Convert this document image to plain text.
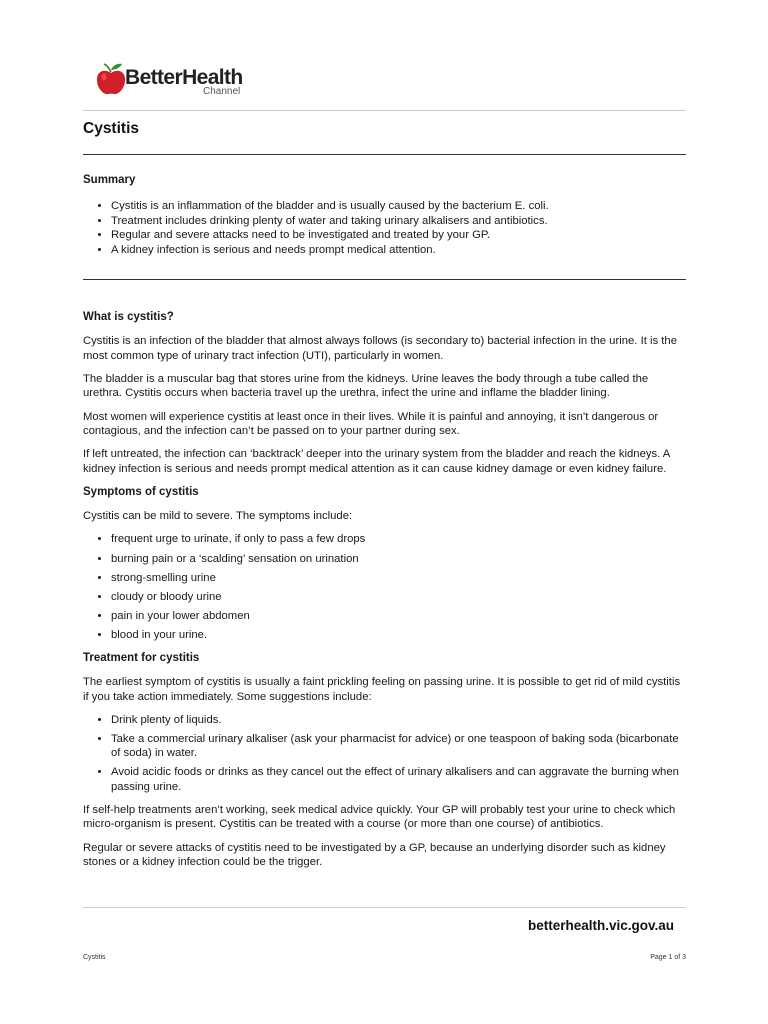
BetterHealth
Channel
Cystitis
Summary
• Cystitis is an inflammation of the bladder and is usually caused by the bacterium E. coli.
• Treatment includes drinking plenty of water and taking urinary alkalisers and antibiotics.
• Regular and severe attacks need to be investigated and treated by your GP.
• A kidney infection is serious and needs prompt medical attention.
What is cystitis?

Cystitis is an infection of the bladder that almost always follows (is secondary to) bacterial infection in the urine. It is the most common type of urinary tract infection (UTI), particularly in women.

The bladder is a muscular bag that stores urine from the kidneys. Urine leaves the body through a tube called the urethra. Cystitis occurs when bacteria travel up the urethra, infect the urine and inflame the bladder lining.

Most women will experience cystitis at least once in their lives. While it is painful and annoying, it isn’t dangerous or contagious, and the infection can’t be passed on to your partner during sex.

If left untreated, the infection can ‘backtrack’ deeper into the urinary system from the bladder and reach the kidneys. A kidney infection is serious and needs prompt medical attention as it can cause kidney damage or even kidney failure.

Symptoms of cystitis

Cystitis can be mild to severe. The symptoms include:

• frequent urge to urinate, if only to pass a few drops
• burning pain or a ‘scalding’ sensation on urination
• strong-smelling urine
• cloudy or bloody urine
• pain in your lower abdomen
• blood in your urine.
Treatment for cystitis

The earliest symptom of cystitis is usually a faint prickling feeling on passing urine. It is possible to get rid of mild cystitis if you take action immediately. Some suggestions include:

• Drink plenty of liquids.
• Take a commercial urinary alkaliser (ask your pharmacist for advice) or one teaspoon of baking soda (bicarbonate of soda) in water.
• Avoid acidic foods or drinks as they cancel out the effect of urinary alkalisers and can aggravate the burning when passing urine.

If self-help treatments aren’t working, seek medical advice quickly. Your GP will probably test your urine to check which micro-organism is present. Cystitis can be treated with a course (or more than one course) of antibiotics.

Regular or severe attacks of cystitis need to be investigated by a GP, because an underlying disorder such as kidney stones or a kidney infection could be the trigger.

betterhealth.vic.gov.au
Cystitis	Page 1 of 3
